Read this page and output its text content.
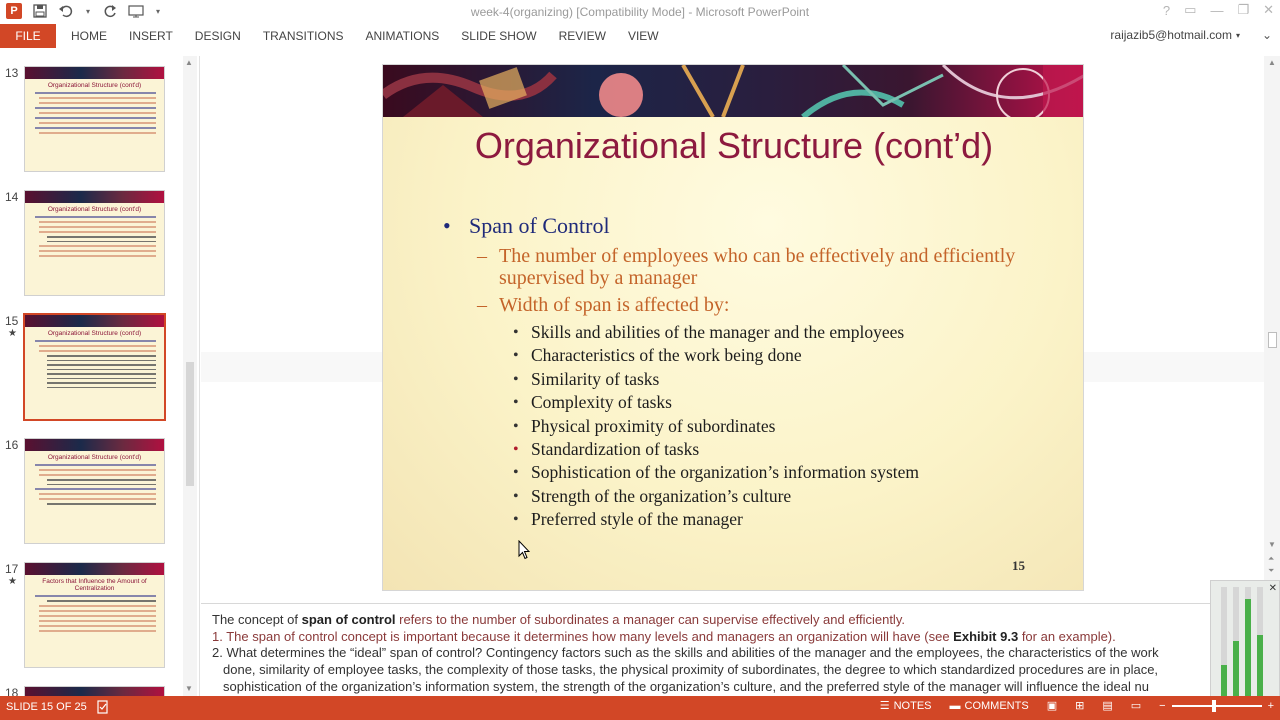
P	▾	▾	week-4(organizing) [Compatibility Mode] - Microsoft PowerPoint	? ▭ — ❐ ✕
FILE	HOME	INSERT	DESIGN	TRANSITIONS	ANIMATIONS	SLIDE SHOW	REVIEW	VIEW	raijazib5@hotmail.com ▾ ⌄
13
Organizational Structure (cont'd)
14
Organizational Structure (cont'd)
15
★	Organizational Structure (cont'd)
16
Organizational Structure (cont'd)
17
★	Factors that Influence the Amount of Centralization
18
▲
▼
▲
▼
⏶
⏷
Organizational Structure (cont’d)
• Span of Control
– The number of employees who can be effectively and efficiently supervised by a manager
– Width of span is affected by:
• Skills and abilities of the manager and the employees
• Characteristics of the work being done
• Similarity of tasks
• Complexity of tasks
• Physical proximity of subordinates
• Standardization of tasks
• Sophistication of the organization’s information system
• Strength of the organization’s culture
• Preferred style of the manager
15
The concept of span of control refers to the number of subordinates a manager can supervise effectively and efficiently.
1. The span of control concept is important because it determines how many levels and managers an organization will have (see Exhibit 9.3 for an example).
2. What determines the “ideal” span of control? Contingency factors such as the skills and abilities of the manager and the employees, the characteristics of the work
done, similarity of employee tasks, the complexity of those tasks, the physical proximity of subordinates, the degree to which standardized procedures are in place,
sophistication of the organization’s information system, the strength of the organization’s culture, and the preferred style of the manager will influence the ideal nu
✕
SLIDE 15 OF 25	☰ NOTES ▬ COMMENTS ▣ ⊞ ▤ ▭ −	+
